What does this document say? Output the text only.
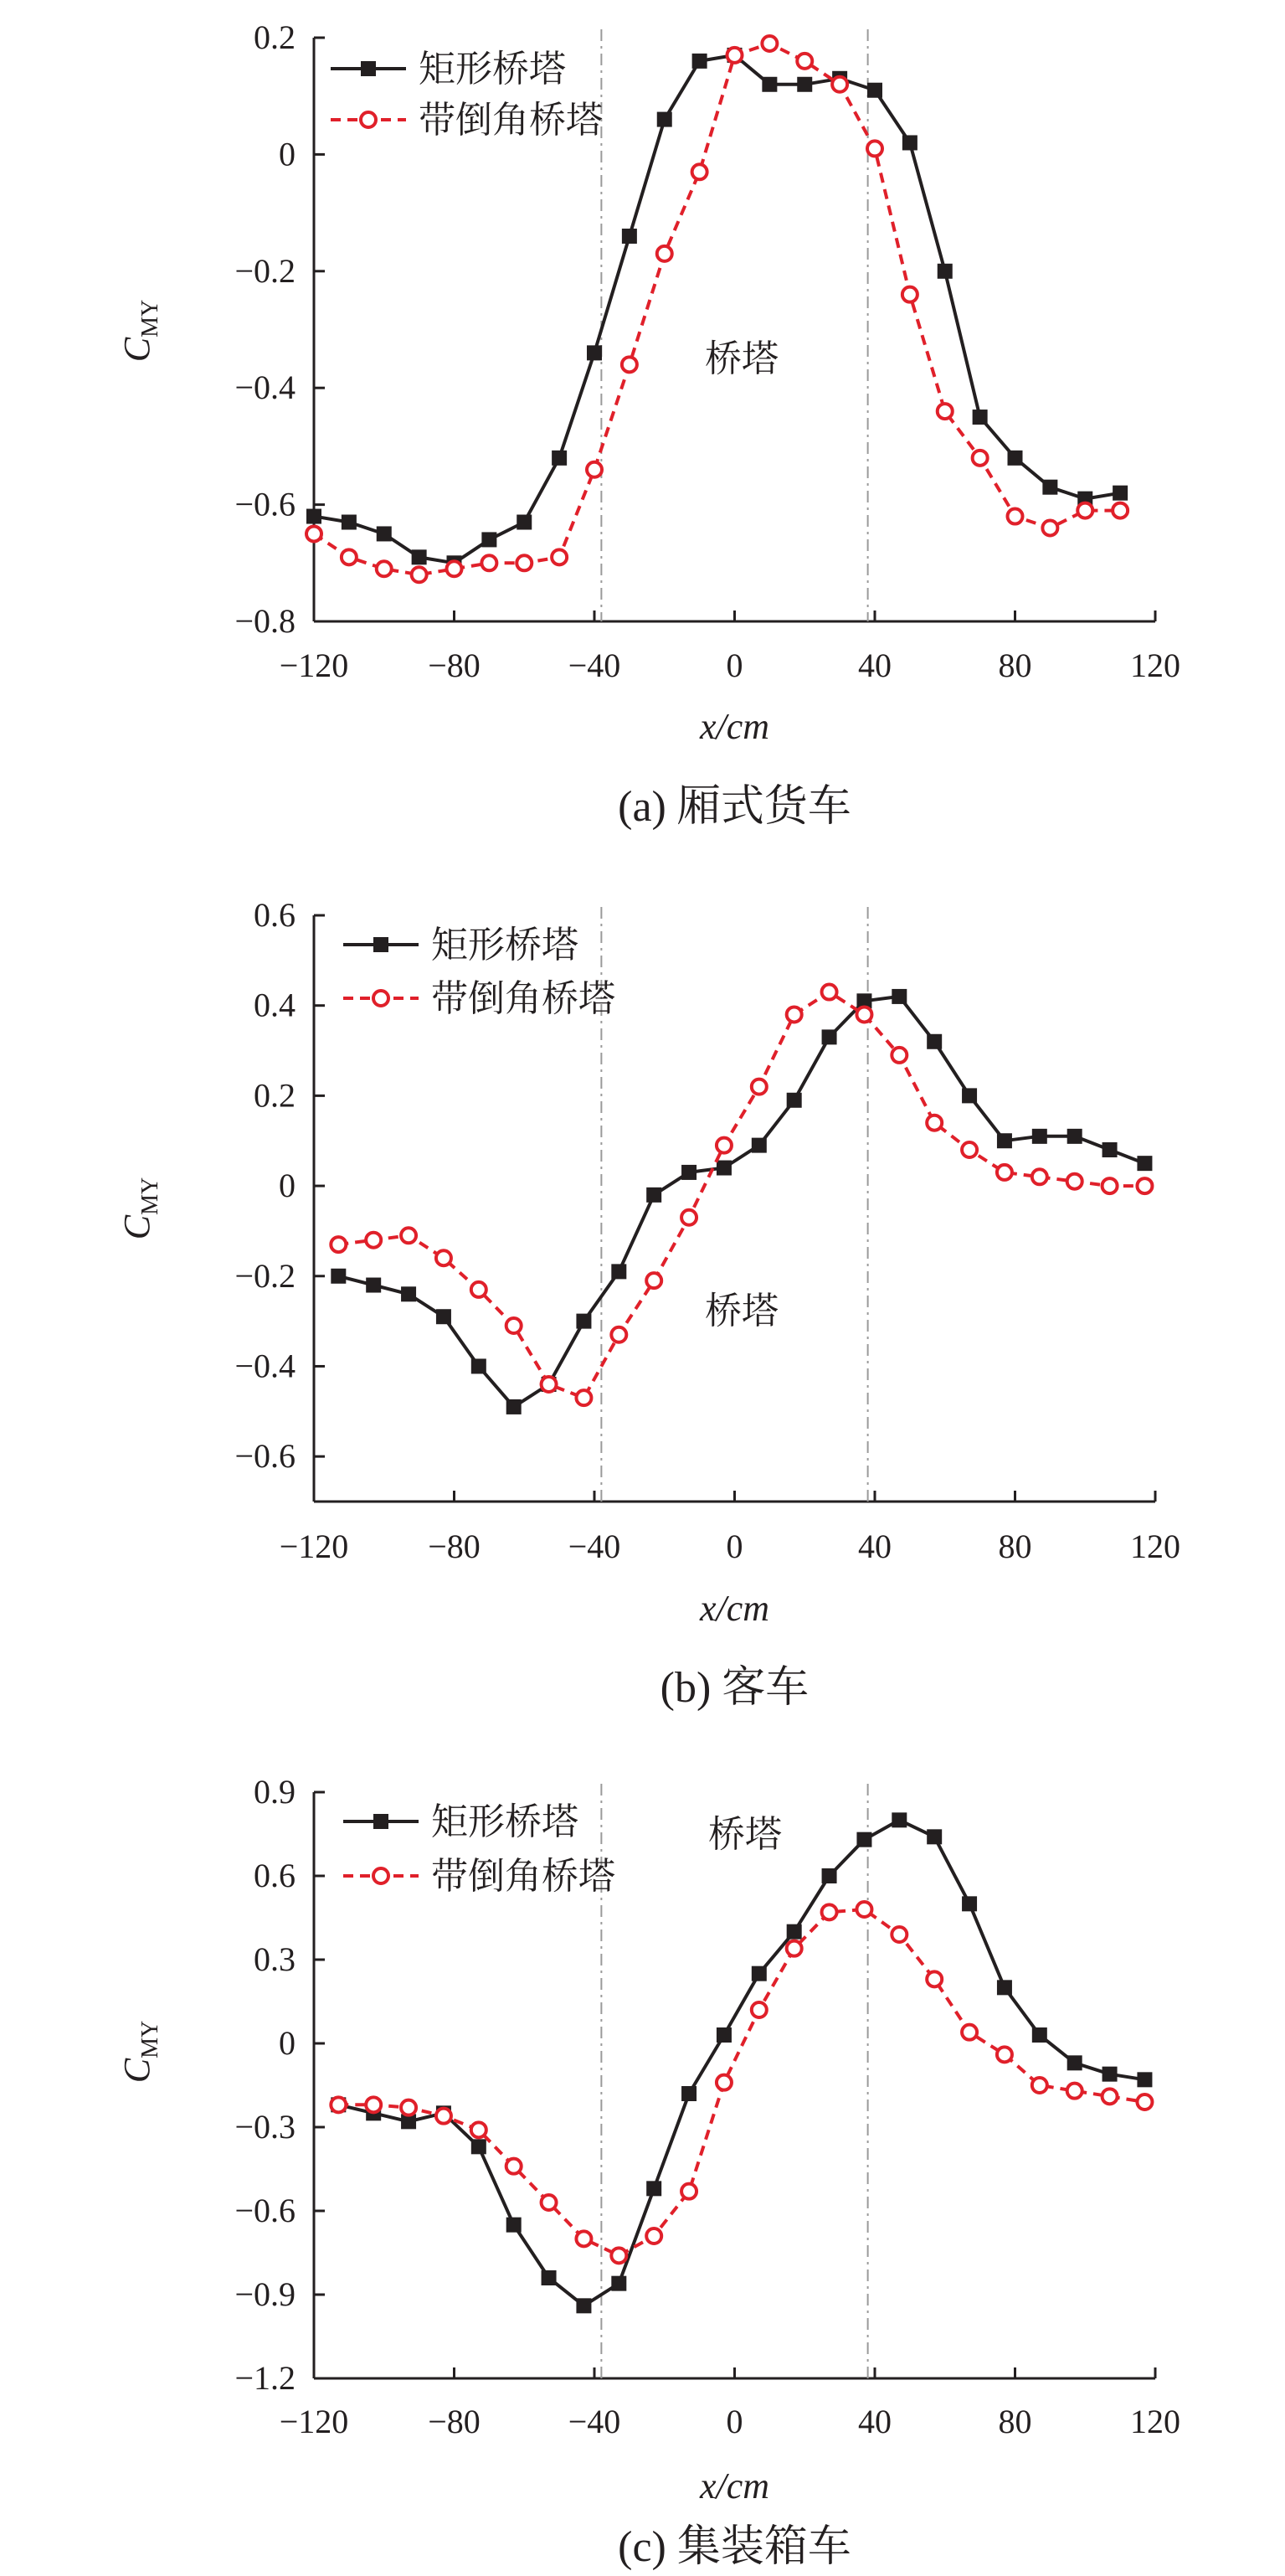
−0.8
−0.6
−0.4
−0.2
0
0.2
−120 −80	−40	0	40	80	120
x/cm
$C_{MY}$
矩形桥塔
带倒角桥塔
桥塔
(a) 厢式货车
−0.6
−0.4
−0.2
0
0.2
0.4
0.6
−120 −80	−40	0	40	80	120
x/cm
$C_{MY}$
矩形桥塔
带倒角桥塔
桥塔
(b) 客车
−1.2
−0.9
−0.6
−0.3
0
0.3
0.6
0.9
−120 −80	−40	0	40	80	120
x/cm
$C_{MY}$
矩形桥塔
带倒角桥塔
桥塔
(c) 集装箱车
